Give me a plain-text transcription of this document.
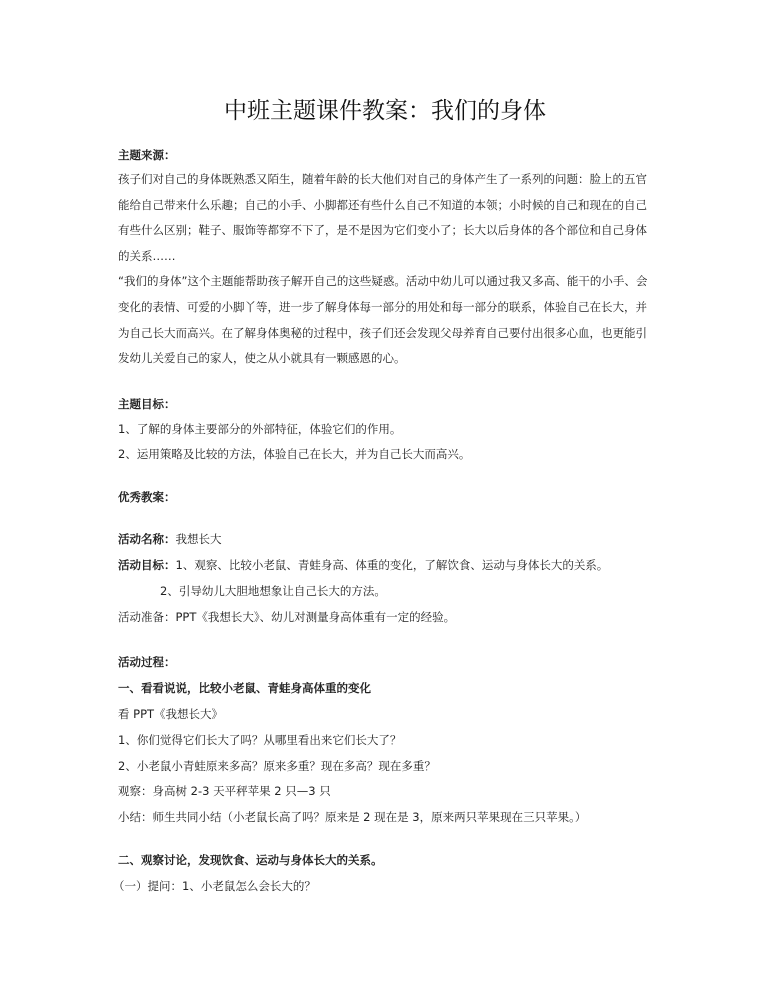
中班主题课件教案：我们的身体
主题来源：
孩子们对自己的身体既熟悉又陌生，随着年龄的长大他们对自己的身体产生了一系列的问题：脸上的五官
能给自己带来什么乐趣；自己的小手、小脚都还有些什么自己不知道的本领；小时候的自己和现在的自己
有些什么区别；鞋子、服饰等都穿不下了，是不是因为它们变小了；长大以后身体的各个部位和自己身体
的关系……
“我们的身体”这个主题能帮助孩子解开自己的这些疑惑。活动中幼儿可以通过我又多高、能干的小手、会
变化的表情、可爱的小脚丫等，进一步了解身体每一部分的用处和每一部分的联系，体验自己在长大，并
为自己长大而高兴。在了解身体奥秘的过程中，孩子们还会发现父母养育自己要付出很多心血，也更能引
发幼儿关爱自己的家人，使之从小就具有一颗感恩的心。
主题目标：
1、了解的身体主要部分的外部特征，体验它们的作用。
2、运用策略及比较的方法，体验自己在长大，并为自己长大而高兴。
优秀教案：
活动名称：我想长大
活动目标：1、观察、比较小老鼠、青蛙身高、体重的变化，了解饮食、运动与身体长大的关系。
2、引导幼儿大胆地想象让自己长大的方法。
活动准备：PPT《我想长大》、幼儿对测量身高体重有一定的经验。
活动过程：
一、看看说说，比较小老鼠、青蛙身高体重的变化
看 PPT《我想长大》
1、你们觉得它们长大了吗？从哪里看出来它们长大了？
2、小老鼠小青蛙原来多高？原来多重？现在多高？现在多重？
观察：身高树 2-3 天平秤苹果 2 只—3 只
小结：师生共同小结（小老鼠长高了吗？原来是 2 现在是 3，原来两只苹果现在三只苹果。）
二、观察讨论，发现饮食、运动与身体长大的关系。
（一）提问：1、小老鼠怎么会长大的？
